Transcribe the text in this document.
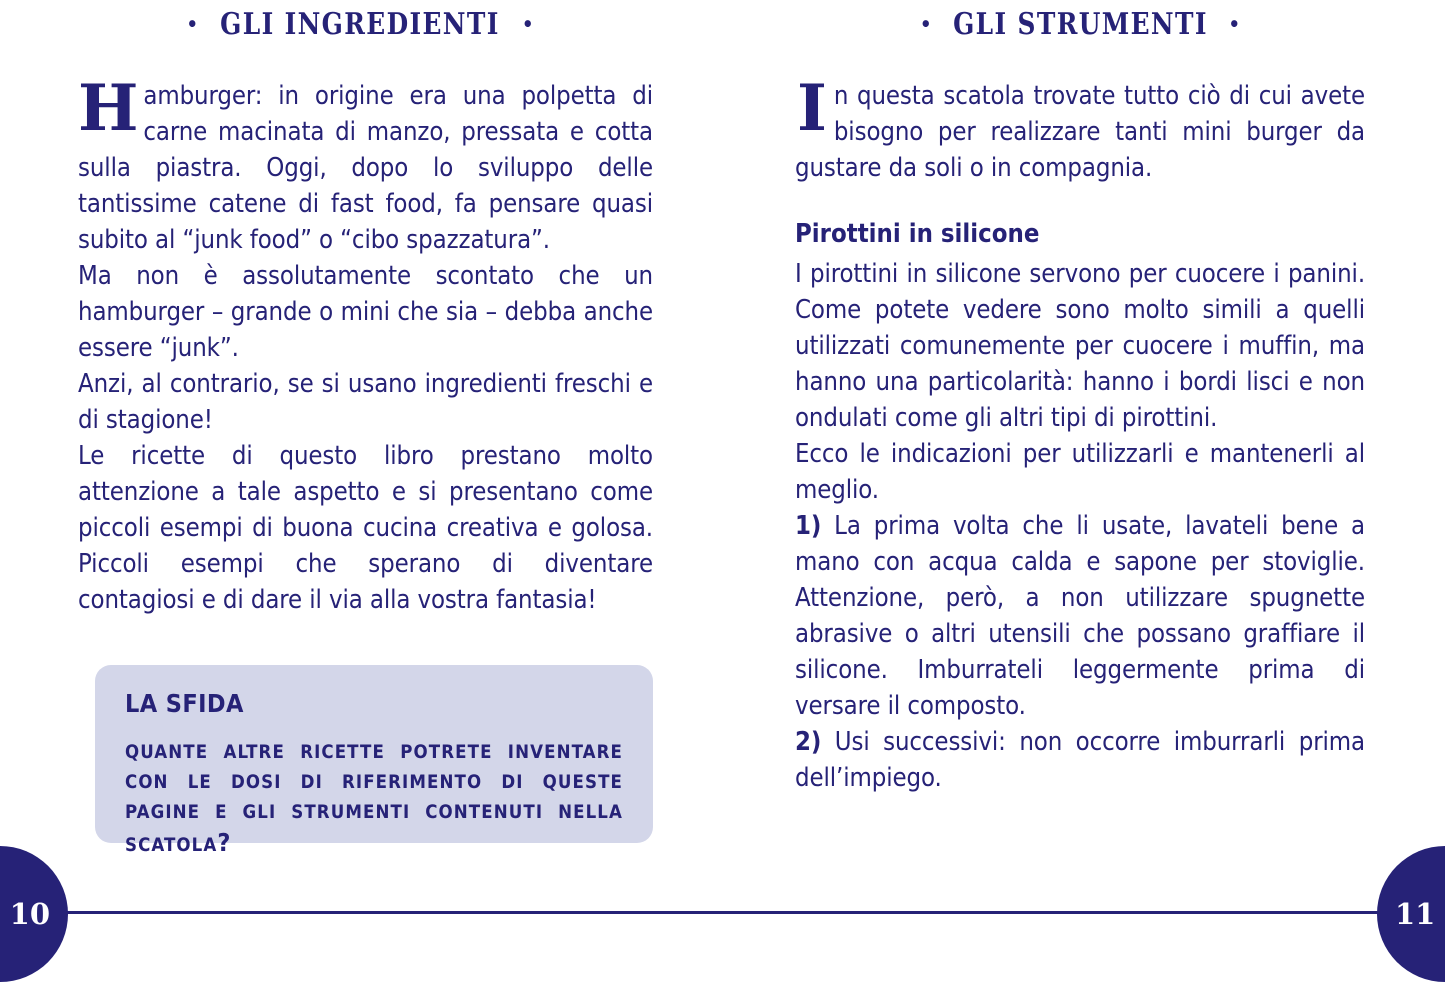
• GLI INGREDIENTI •
Hamburger: in origine era una polpetta di carne macinata di manzo, pressata e cotta sulla piastra. Oggi, dopo lo sviluppo delle tantissime catene di fast food, fa pensare quasi subito al “junk food” o “cibo spazzatura”.
Ma non è assolutamente scontato che un hamburger – grande o mini che sia – debba anche essere “junk”.
Anzi, al contrario, se si usano ingredienti freschi e di stagione!
Le ricette di questo libro prestano molto attenzione a tale aspetto e si presentano come piccoli esempi di buona cucina creativa e golosa. Piccoli esempi che sperano di diventare contagiosi e di dare il via alla vostra fantasia!
LA SFIDA
QUANTE ALTRE RICETTE POTRETE INVENTARE CON LE DOSI DI RIFERIMENTO DI QUESTE PAGINE E GLI STRUMENTI CONTENUTI NELLA SCATOLA?
• GLI STRUMENTI •
In questa scatola trovate tutto ciò di cui avete bisogno per realizzare tanti mini burger da gustare da soli o in compagnia.
Pirottini in silicone
I pirottini in silicone servono per cuocere i panini. Come potete vedere sono molto simili a quelli utilizzati comunemente per cuocere i muffin, ma hanno una particolarità: hanno i bordi lisci e non ondulati come gli altri tipi di pirottini.
Ecco le indicazioni per utilizzarli e mantenerli al meglio.
1) La prima volta che li usate, lavateli bene a mano con acqua calda e sapone per stoviglie. Attenzione, però, a non utilizzare spugnette abrasive o altri utensili che possano graffiare il silicone. Imburrateli leggermente prima di versare il composto.
2) Usi successivi: non occorre imburrarli prima dell’impiego.
10	11
